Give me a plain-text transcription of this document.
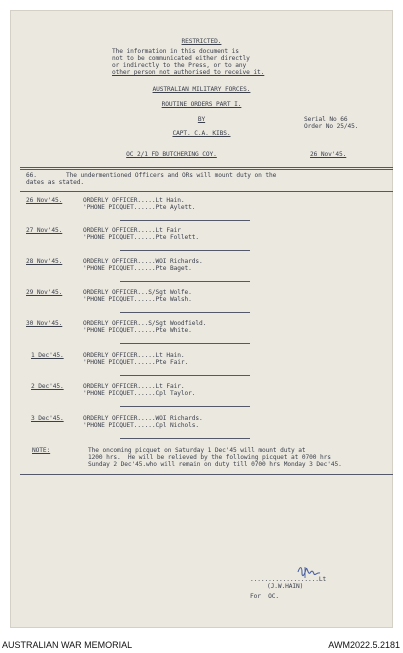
RESTRICTED.
The information in this document is
not to be communicated either directly
or indirectly to the Press, or to any
other person not authorised to receive it.
AUSTRALIAN MILITARY FORCES.
ROUTINE ORDERS PART I.
BY
CAPT. C.A. KIBS.
OC 2/1 FD BUTCHERING COY.
Serial No 66
Order No 25/45.
26 Nov'45.
66.	The undermentioned Officers and ORs will mount duty on the
dates as stated.
26 Nov'45.	ORDERLY OFFICER.....Lt Hain.
'PHONE PICQUET......Pte Aylett.
27 Nov'45.	ORDERLY OFFICER.....Lt Fair
'PHONE PICQUET......Pte Follett.
28 Nov'45.	ORDERLY OFFICER.....WOI Richards.
'PHONE PICQUET......Pte Baget.
29 Nov'45.	ORDERLY OFFICER...S/Sgt Wolfe.
'PHONE PICQUET......Pte Walsh.
30 Nov'45.	ORDERLY OFFICER...S/Sgt Woodfield.
'PHONE PICQUET......Pte White.
1 Dec'45.	ORDERLY OFFICER.....Lt Hain.
'PHONE PICQUET......Pte Fair.
2 Dec'45.	ORDERLY OFFICER.....Lt Fair.
'PHONE PICQUET......Cpl Taylor.
3 Dec'45.	ORDERLY OFFICER.....WOI Richards.
'PHONE PICQUET......Cpl Nichols.
NOTE:	The oncoming picquet on Saturday 1 Dec'45 will mount duty at
1200 hrs.  He will be relieved by the following picquet at 0700 hrs
Sunday 2 Dec'45.who will remain on duty till 0700 hrs Monday 3 Dec'45.
...................Lt
(J.W.HAIN)
For  OC.
AUSTRALIAN WAR MEMORIAL	AWM2022.5.2181
